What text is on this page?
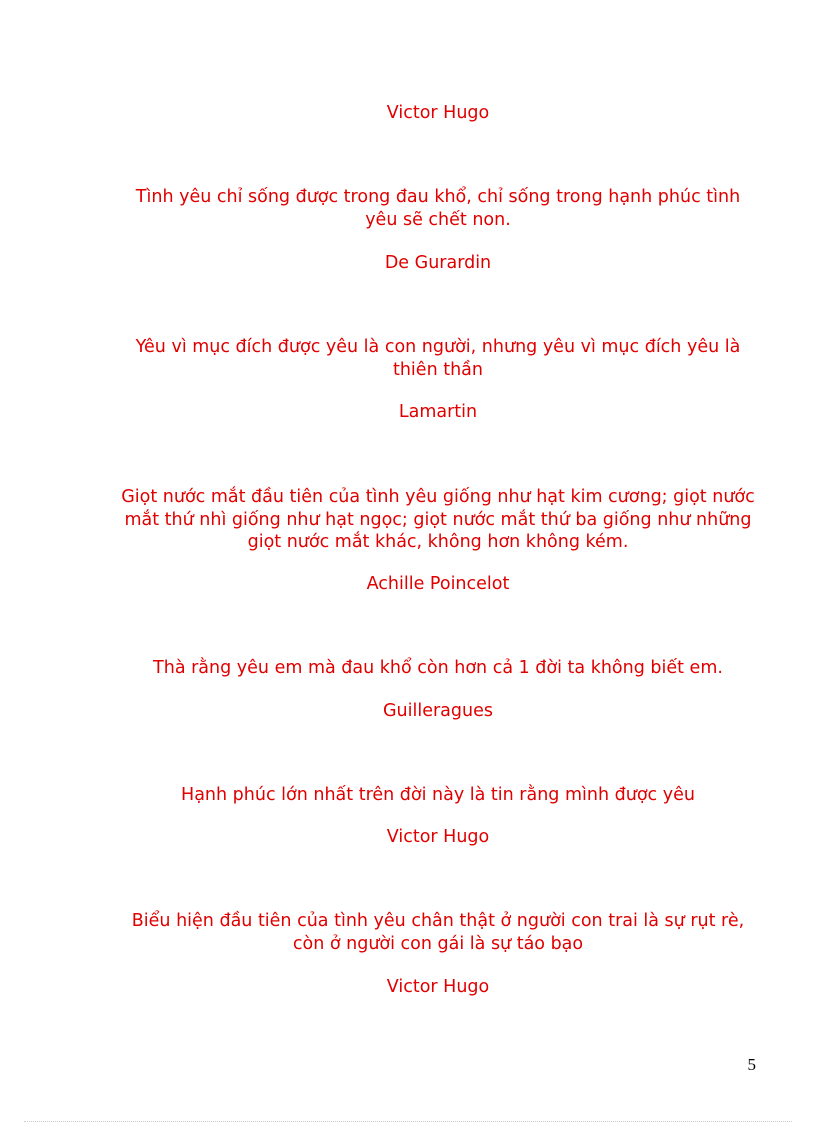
Victor Hugo
Tình yêu chỉ sống được trong đau khổ, chỉ sống trong hạnh phúc tình
yêu sẽ chết non.
De Gurardin
Yêu vì mục đích được yêu là con người, nhưng yêu vì mục đích yêu là
thiên thần
Lamartin
Giọt nước mắt đầu tiên của tình yêu giống như hạt kim cương; giọt nước
mắt thứ nhì giống như hạt ngọc; giọt nước mắt thứ ba giống như những
giọt nước mắt khác, không hơn không kém.
Achille Poincelot
Thà rằng yêu em mà đau khổ còn hơn cả 1 đời ta không biết em.
Guilleragues
Hạnh phúc lớn nhất trên đời này là tin rằng mình được yêu
Victor Hugo
Biểu hiện đầu tiên của tình yêu chân thật ở người con trai là sự rụt rè,
còn ở người con gái là sự táo bạo
Victor Hugo
5
